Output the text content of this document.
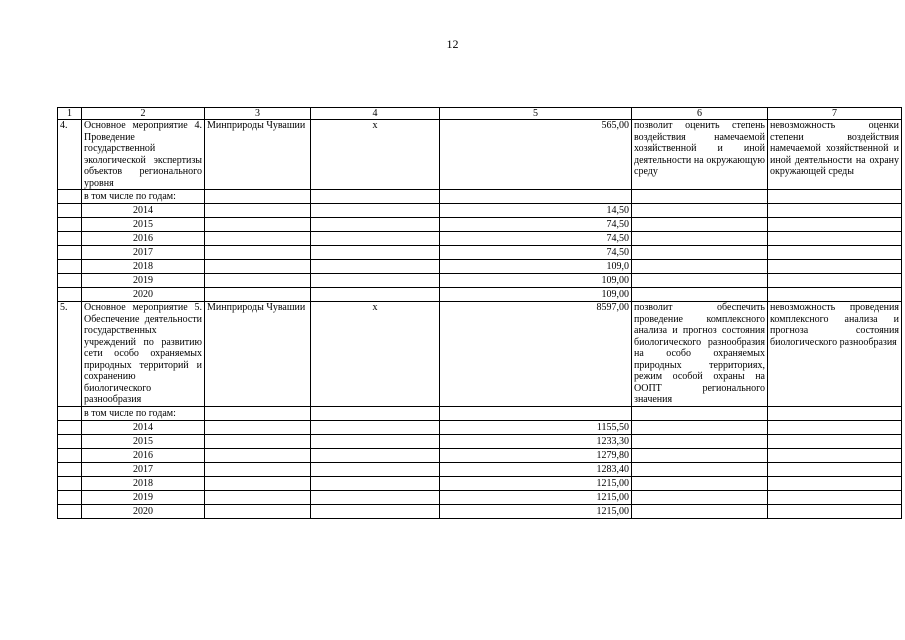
12
1	2	3	4	5	6	7
4.	Основное мероприятие 4. Проведение государственной экологической экспертизы объектов регионального уровня	Минприроды Чувашии	х	565,00	позволит оценить степень воздействия намечаемой хозяйственной и иной деятельности на окружающую среду	невозможность оценки степени воздействия намечаемой хозяйственной и иной деятельности на охрану окружающей среды
	в том числе по годам:					
	2014			14,50		
	2015			74,50		
	2016			74,50		
	2017			74,50		
	2018			109,0		
	2019			109,00		
	2020			109,00		
5.	Основное мероприятие 5. Обеспечение деятельности государственных учреждений по развитию сети особо охраняемых природных территорий и сохранению биологического разнообразия	Минприроды Чувашии	х	8597,00	позволит обеспечить проведение комплексного анализа и прогноз состояния биологического разнообразия на особо охраняемых природных территориях, режим особой охраны на ООПТ регионального значения	невозможность проведения комплексного анализа и прогноза состояния биологического разнообразия
	в том числе по годам:					
	2014			1155,50		
	2015			1233,30		
	2016			1279,80		
	2017			1283,40		
	2018			1215,00		
	2019			1215,00		
	2020			1215,00		
